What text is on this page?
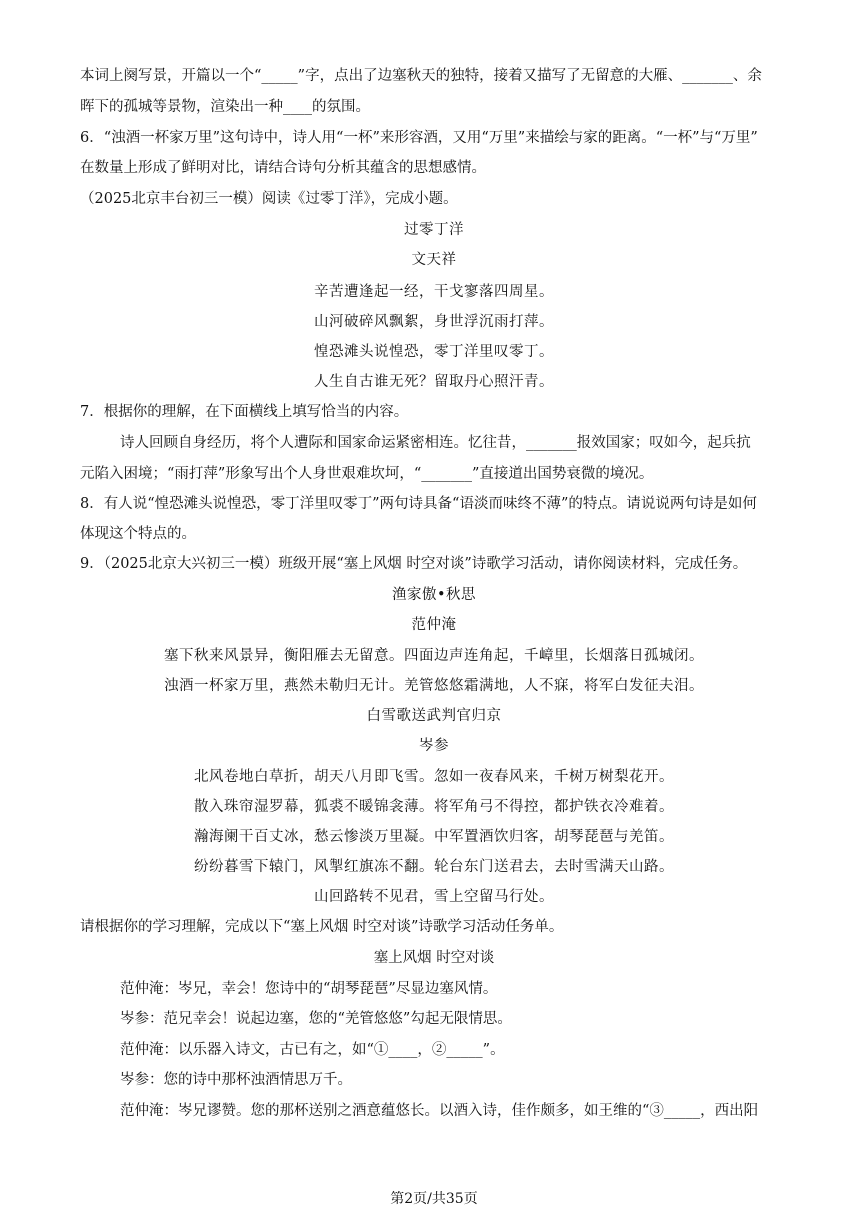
本词上阕写景，开篇以一个“_____”字，点出了边塞秋天的独特，接着又描写了无留意的大雁、_______、余
晖下的孤城等景物，渲染出一种____的氛围。
6．“浊酒一杯家万里”这句诗中，诗人用“一杯”来形容酒，又用“万里”来描绘与家的距离。“一杯”与“万里”
在数量上形成了鲜明对比，请结合诗句分析其蕴含的思想感情。
（2025北京丰台初三一模）阅读《过零丁洋》，完成小题。
过零丁洋
文天祥
辛苦遭逢起一经，干戈寥落四周星。
山河破碎风飘絮，身世浮沉雨打萍。
惶恐滩头说惶恐，零丁洋里叹零丁。
人生自古谁无死？留取丹心照汗青。
7．根据你的理解，在下面横线上填写恰当的内容。
诗人回顾自身经历，将个人遭际和国家命运紧密相连。忆往昔，_______报效国家；叹如今，起兵抗
元陷入困境；“雨打萍”形象写出个人身世艰难坎坷，“_______”直接道出国势衰微的境况。
8．有人说“惶恐滩头说惶恐，零丁洋里叹零丁”两句诗具备“语淡而味终不薄”的特点。请说说两句诗是如何
体现这个特点的。
9．（2025北京大兴初三一模）班级开展“塞上风烟 时空对谈”诗歌学习活动，请你阅读材料，完成任务。
渔家傲•秋思
范仲淹
塞下秋来风景异，衡阳雁去无留意。四面边声连角起，千嶂里，长烟落日孤城闭。
浊酒一杯家万里，燕然未勒归无计。羌管悠悠霜满地，人不寐，将军白发征夫泪。
白雪歌送武判官归京
岑参
北风卷地白草折，胡天八月即飞雪。忽如一夜春风来，千树万树梨花开。
散入珠帘湿罗幕，狐裘不暖锦衾薄。将军角弓不得控，都护铁衣冷难着。
瀚海阑干百丈冰，愁云惨淡万里凝。中军置酒饮归客，胡琴琵琶与羌笛。
纷纷暮雪下辕门，风掣红旗冻不翻。轮台东门送君去，去时雪满天山路。
山回路转不见君，雪上空留马行处。
请根据你的学习理解，完成以下“塞上风烟 时空对谈”诗歌学习活动任务单。
塞上风烟 时空对谈
范仲淹：岑兄，幸会！您诗中的“胡琴琵琶”尽显边塞风情。
岑参：范兄幸会！说起边塞，您的“羌管悠悠”勾起无限情思。
范仲淹：以乐器入诗文，古已有之，如“①____，②_____”。
岑参：您的诗中那杯浊酒情思万千。
范仲淹：岑兄谬赞。您的那杯送别之酒意蕴悠长。以酒入诗，佳作颇多，如王维的“③_____，西出阳
第2页/共35页
